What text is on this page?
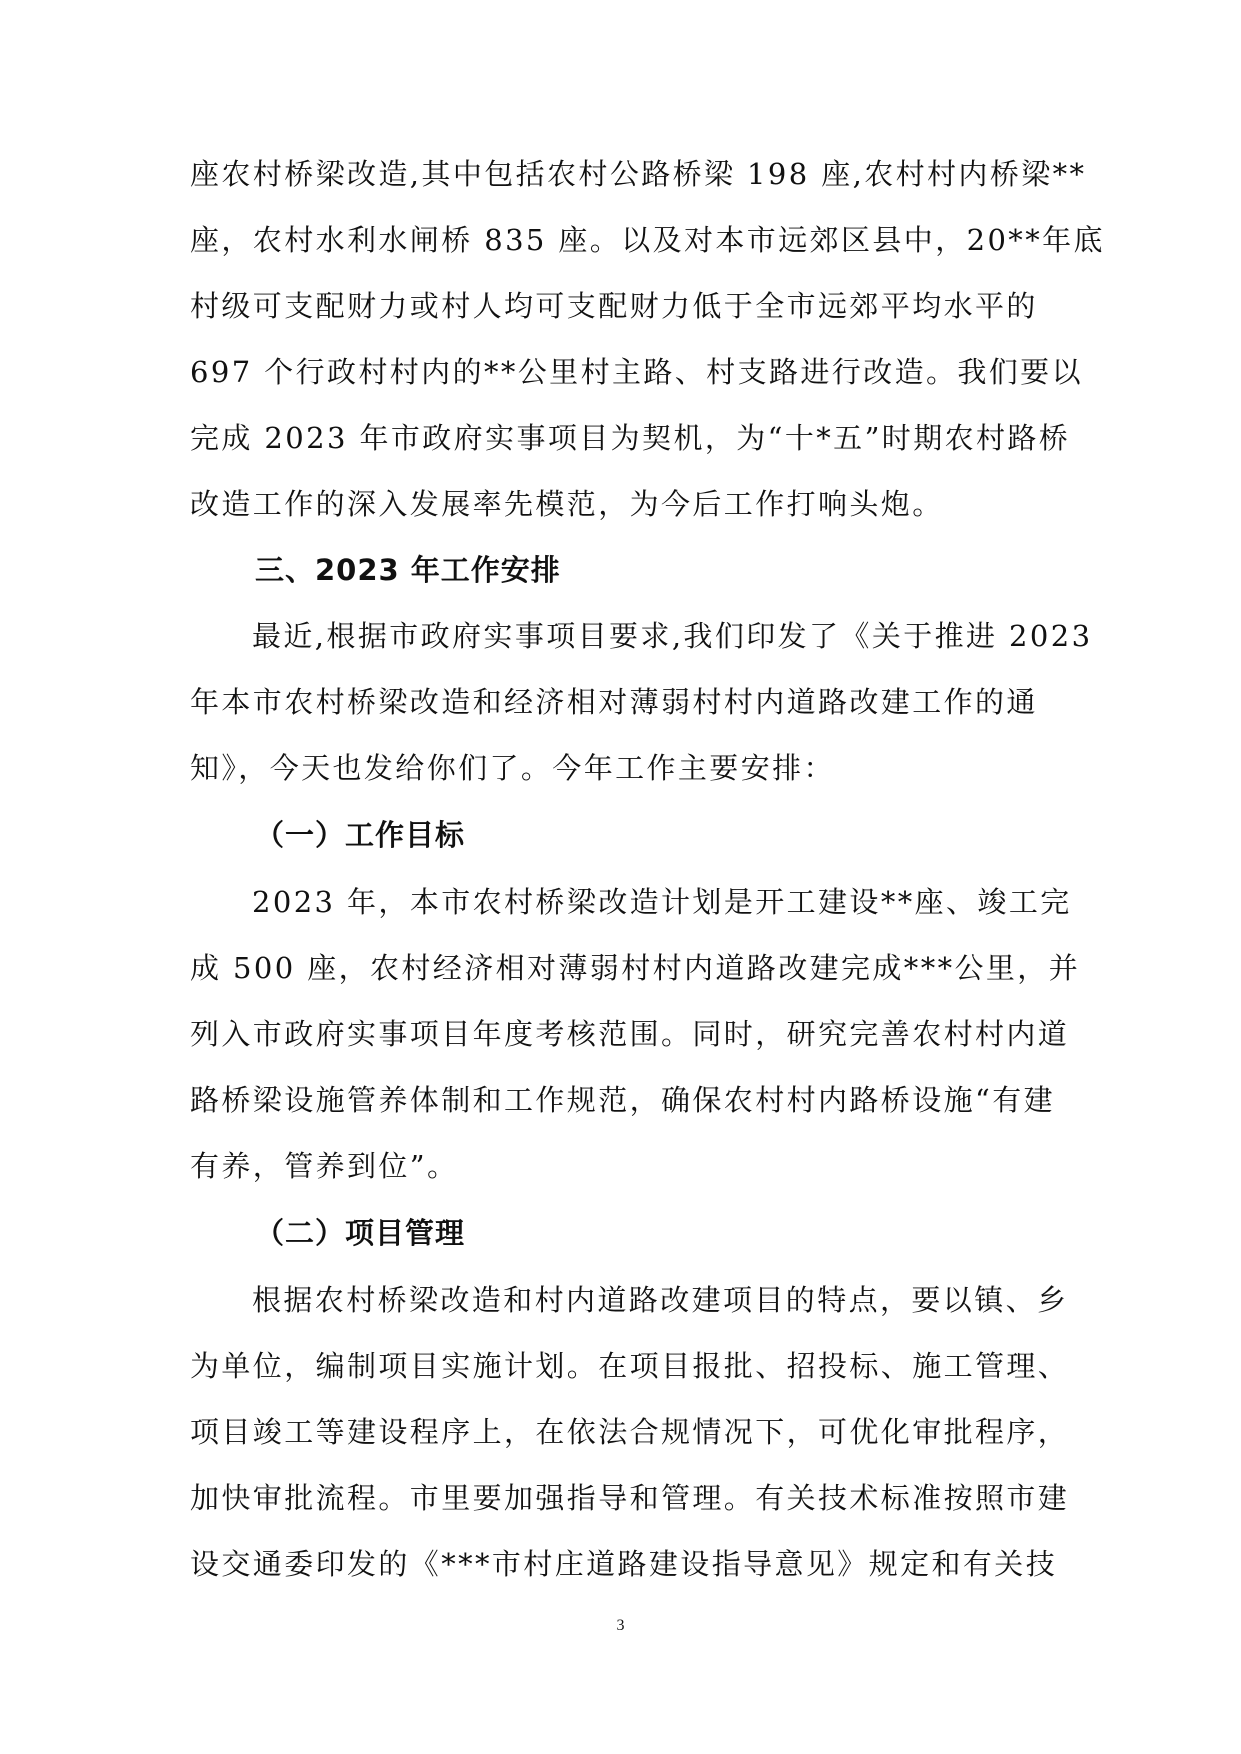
座农村桥梁改造,其中包括农村公路桥梁 198 座,农村村内桥梁**
座，农村水利水闸桥 835 座。以及对本市远郊区县中，20**年底
村级可支配财力或村人均可支配财力低于全市远郊平均水平的
697 个行政村村内的**公里村主路、村支路进行改造。我们要以
完成 2023 年市政府实事项目为契机，为“十*五”时期农村路桥
改造工作的深入发展率先模范，为今后工作打响头炮。
三、2023 年工作安排
最近,根据市政府实事项目要求,我们印发了《关于推进 2023
年本市农村桥梁改造和经济相对薄弱村村内道路改建工作的通
知》，今天也发给你们了。今年工作主要安排：
（一）工作目标
2023 年，本市农村桥梁改造计划是开工建设**座、竣工完
成 500 座，农村经济相对薄弱村村内道路改建完成***公里，并
列入市政府实事项目年度考核范围。同时，研究完善农村村内道
路桥梁设施管养体制和工作规范，确保农村村内路桥设施“有建
有养，管养到位”。
（二）项目管理
根据农村桥梁改造和村内道路改建项目的特点，要以镇、乡
为单位，编制项目实施计划。在项目报批、招投标、施工管理、
项目竣工等建设程序上，在依法合规情况下，可优化审批程序，
加快审批流程。市里要加强指导和管理。有关技术标准按照市建
设交通委印发的《***市村庄道路建设指导意见》规定和有关技
3
